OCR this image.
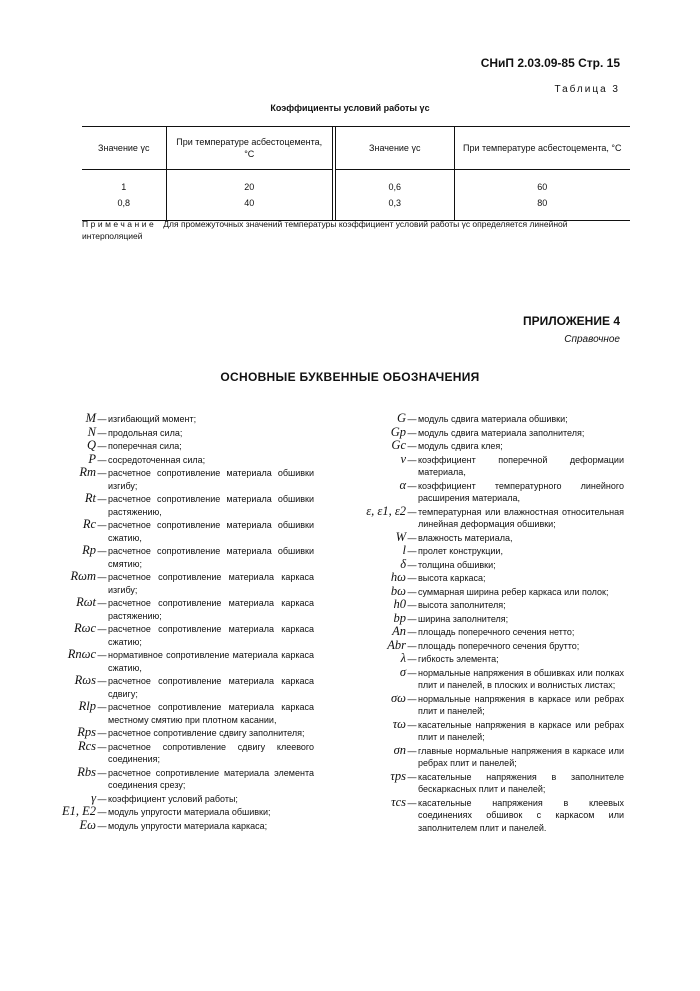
СНиП 2.03.09-85 Стр. 15
Таблица 3
Коэффициенты условий работы γc
Значение γc	При температуре асбестоцемента, °С	Значение γc	При температуре асбестоцемента, °С
1	20	0,6	60
0,8	40	0,3	80
Примечание Для промежуточных значений температуры коэффициент условий работы γc определяется линейной интерполяцией
ПРИЛОЖЕНИЕ 4
Справочное
ОСНОВНЫЕ БУКВЕННЫЕ ОБОЗНАЧЕНИЯ
M — изгибающий момент;
N — продольная сила;
Q — поперечная сила;
P — сосредоточенная сила;
Rm — расчетное сопротивление материала обшивки изгибу;
Rt — расчетное сопротивление материала обшивки растяжению,
Rc — расчетное сопротивление материала обшивки сжатию,
Rp — расчетное сопротивление материала обшивки смятию;
Rωm — расчетное сопротивление материала каркаса изгибу;
Rωt — расчетное сопротивление материала каркаса растяжению;
Rωc — расчетное сопротивление материала каркаса сжатию;
Rnωc — нормативное сопротивление материала каркаса сжатию,
Rωs — расчетное сопротивление материала каркаса сдвигу;
Rlp — расчетное сопротивление материала каркаса местному смятию при плотном касании,
Rps — расчетное сопротивление сдвигу заполнителя;
Rcs — расчетное сопротивление сдвигу клеевого соединения;
Rbs — расчетное сопротивление материала элемента соединения срезу;
γ — коэффициент условий работы;
E1, E2 — модуль упругости материала обшивки;
Eω — модуль упругости материала каркаса;
G — модуль сдвига материала обшивки;
Gp — модуль сдвига материала заполнителя;
Gc — модуль сдвига клея;
ν — коэффициент поперечной деформации материала,
α — коэффициент температурного линейного расширения материала,
ε, ε1, ε2 — температурная или влажностная относительная линейная деформация обшивки;
W — влажность материала,
l — пролет конструкции,
δ — толщина обшивки;
hω — высота каркаса;
bω — суммарная ширина ребер каркаса или полок;
h0 — высота заполнителя;
bp — ширина заполнителя;
An — площадь поперечного сечения нетто;
Abr — площадь поперечного сечения брутто;
λ — гибкость элемента;
σ — нормальные напряжения в обшивках или полках плит и панелей, в плоских и волнистых листах;
σω — нормальные напряжения в каркасе или ребрах плит и панелей;
τω — касательные напряжения в каркасе или ребрах плит и панелей;
σn — главные нормальные напряжения в каркасе или ребрах плит и панелей;
τps — касательные напряжения в заполнителе бескаркасных плит и панелей;
τcs — касательные напряжения в клеевых соединениях обшивок с каркасом или заполнителем плит и панелей.
